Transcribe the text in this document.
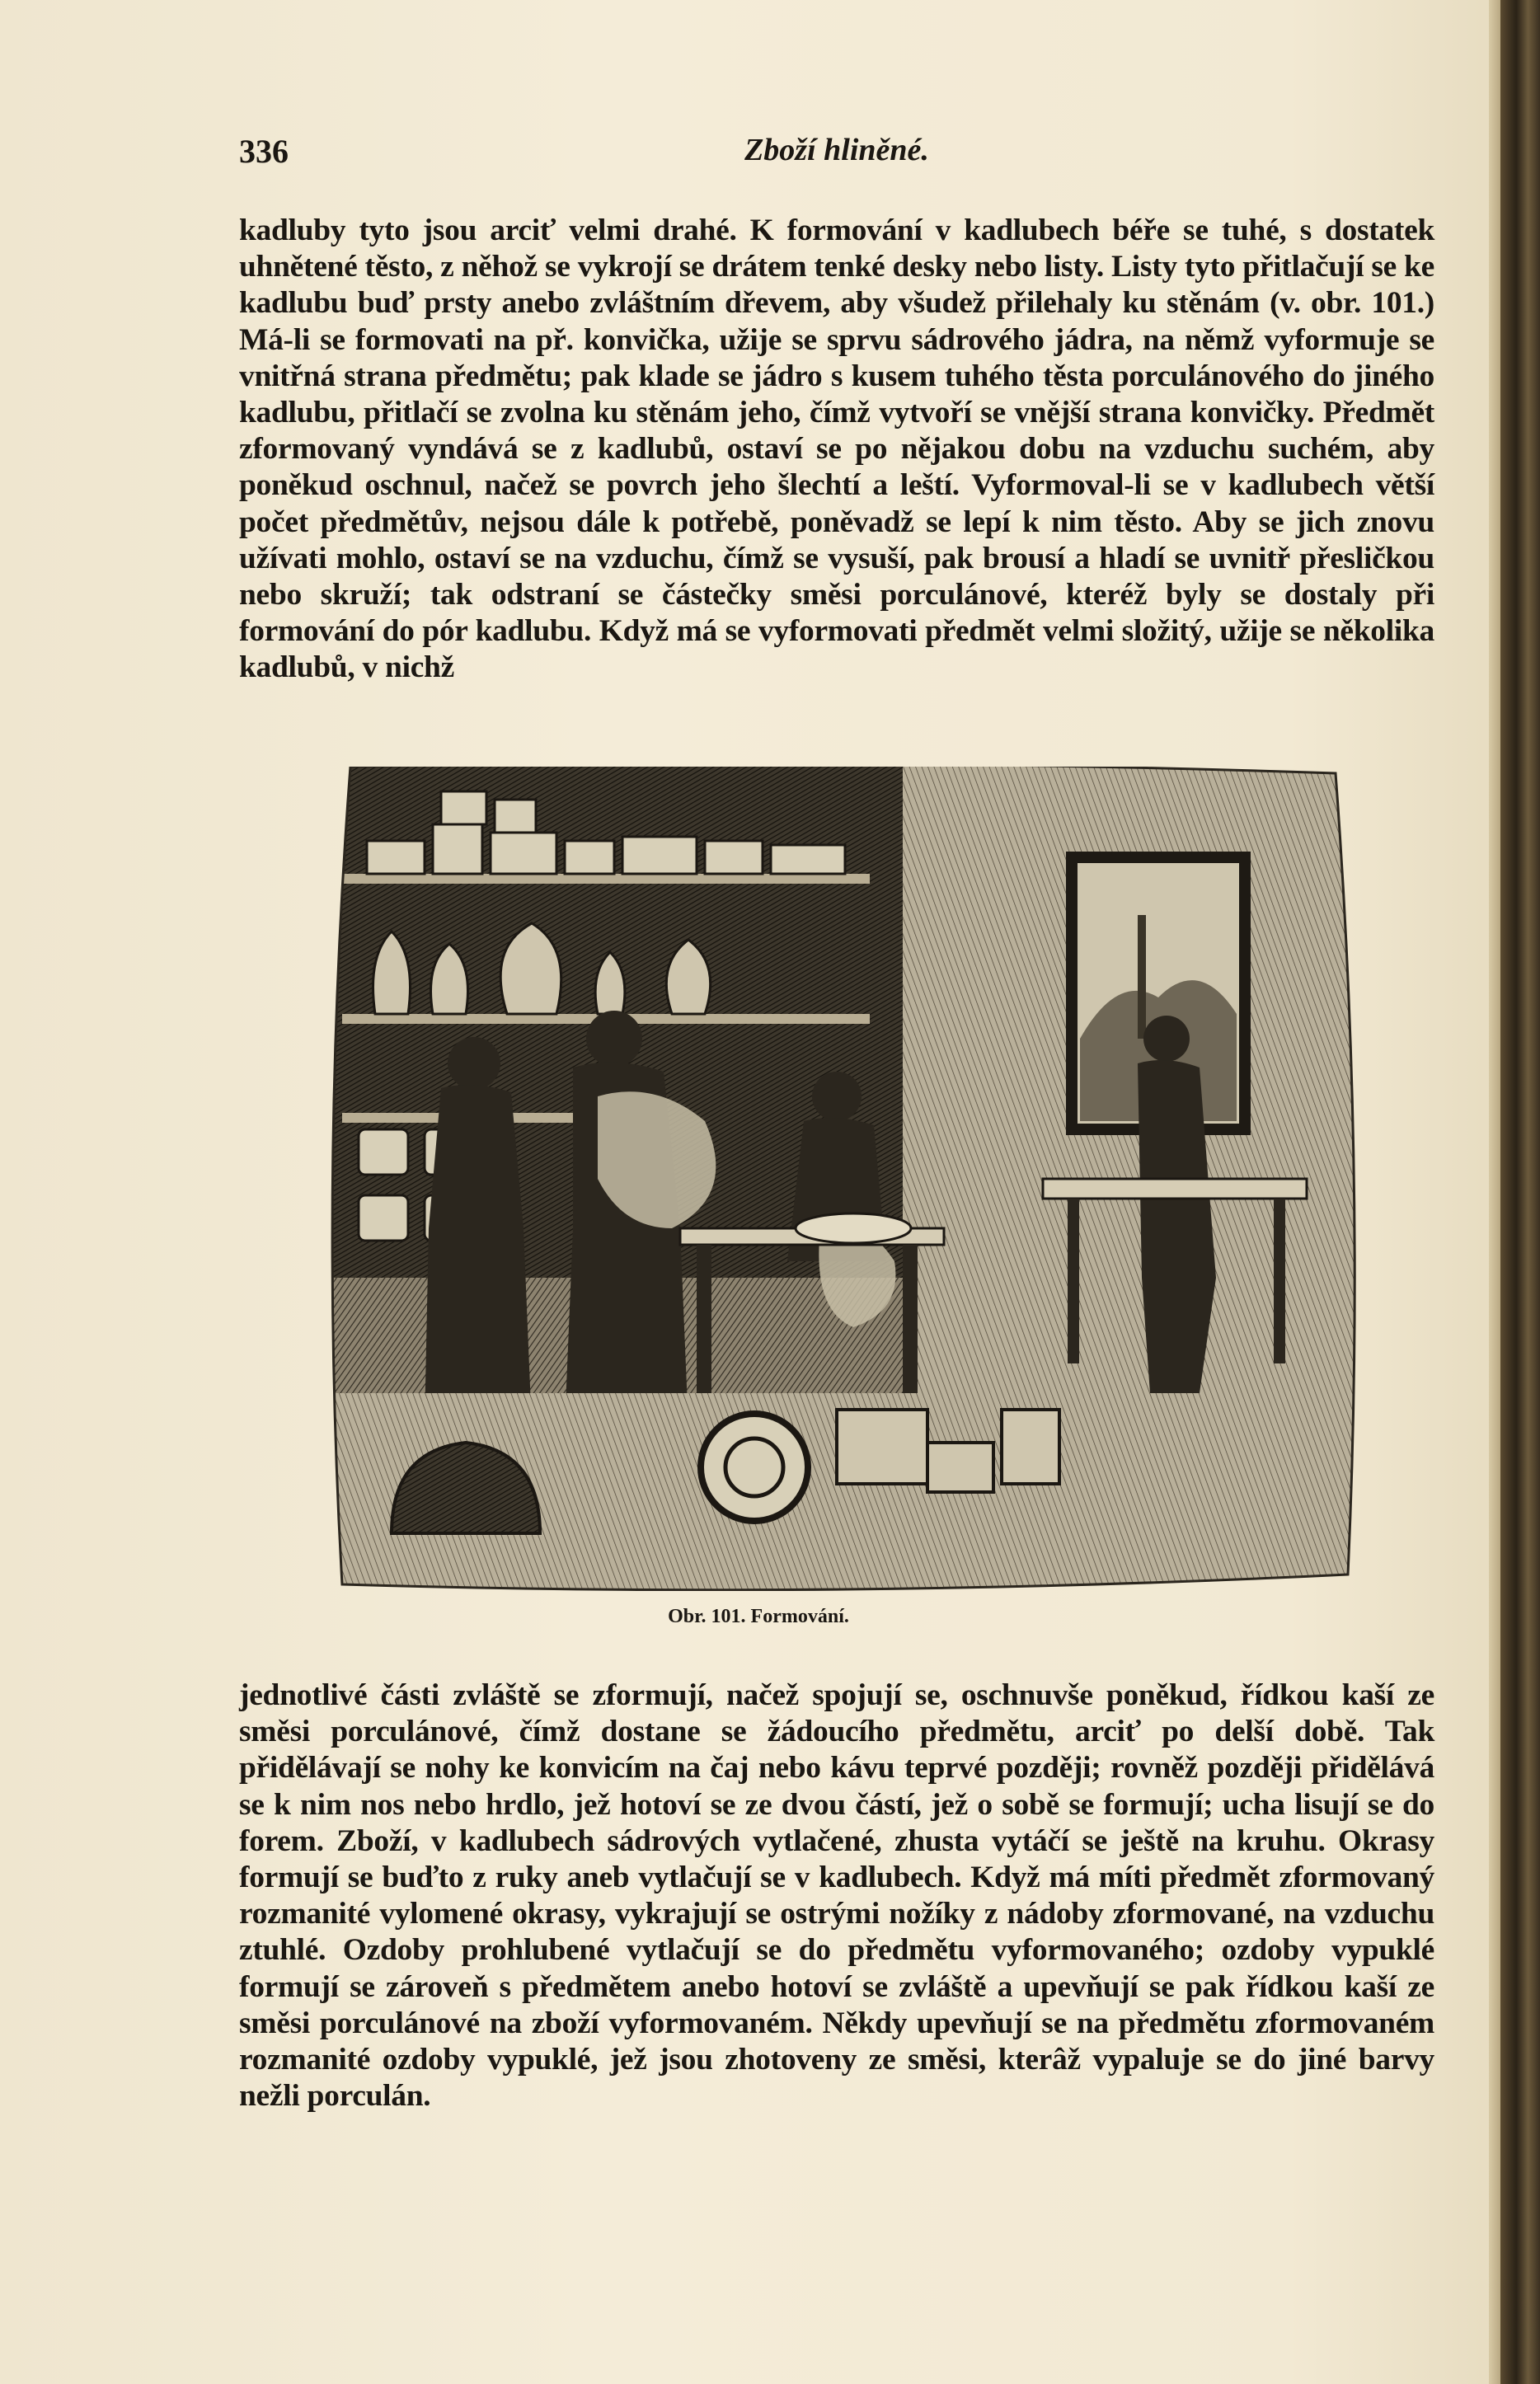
Zboží hliněné.
336

kadluby tyto jsou arciť velmi drahé. K formování v kadlubech béře se tuhé, s dostatek uhnětené těsto, z něhož se vykrojí se drátem tenké desky nebo listy. Listy tyto přitlačují se ke kadlubu buď prsty anebo zvláštním dřevem, aby všudež přilehaly ku stěnám (v. obr. 101.) Má-li se formovati na př. konvička, užije se sprvu sádrového jádra, na němž vyformuje se vnitřná strana předmětu; pak klade se jádro s kusem tuhého těsta porculánového do jiného kadlubu, přitlačí se zvolna ku stěnám jeho, čímž vytvoří se vnější strana konvičky. Předmět zformovaný vyndává se z kadlubů, ostaví se po nějakou dobu na vzduchu suchém, aby poněkud oschnul, načež se povrch jeho šlechtí a leští. Vyformoval-li se v kadlubech větší počet předmětův, nejsou dále k potřebě, poněvadž se lepí k nim těsto. Aby se jich znovu užívati mohlo, ostaví se na vzduchu, čímž se vysuší, pak brousí a hladí se uvnitř přesličkou nebo skruží; tak odstraní se částečky směsi porculánové, kteréž byly se dostaly při formování do pór kadlubu. Když má se vyformovati předmět velmi složitý, užije se několika kadlubů, v nichž

Obr. 101. Formování.

jednotlivé části zvláště se zformují, načež spojují se, oschnuvše poněkud, řídkou kaší ze směsi porculánové, čímž dostane se žádoucího předmětu, arciť po delší době. Tak přidělávají se nohy ke konvicím na čaj nebo kávu teprvé později; rovněž později přidělává se k nim nos nebo hrdlo, jež hotoví se ze dvou částí, jež o sobě se formují; ucha lisují se do forem. Zboží, v kadlubech sádrových vytlačené, zhusta vytáčí se ještě na kruhu. Okrasy formují se buďto z ruky aneb vytlačují se v kadlubech. Když má míti předmět zformovaný rozmanité vylomené okrasy, vykrajují se ostrými nožíky z nádoby zformované, na vzduchu ztuhlé. Ozdoby prohlubené vytlačují se do předmětu vyformovaného; ozdoby vypuklé formují se zároveň s předmětem anebo hotoví se zvláště a upevňují se pak řídkou kaší ze směsi porculánové na zboží vyformovaném. Někdy upevňují se na předmětu zformovaném rozmanité ozdoby vypuklé, jež jsou zhotoveny ze směsi, kterâž vypaluje se do jiné barvy nežli porculán.
